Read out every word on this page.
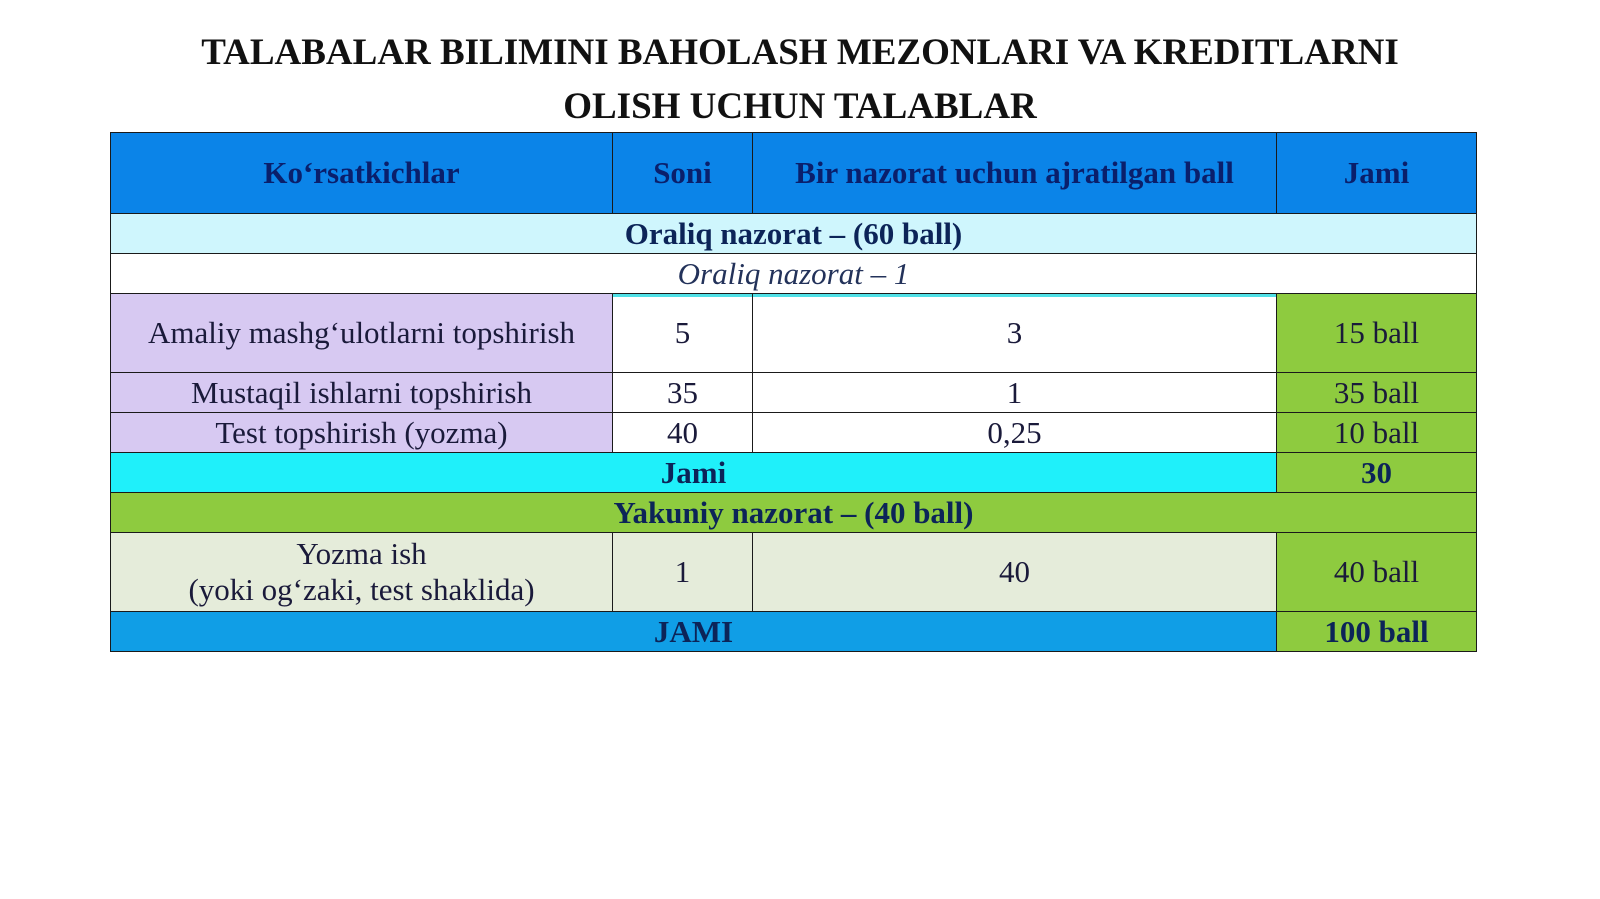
TALABALAR BILIMINI BAHOLASH MEZONLARI VA KREDITLARNI
OLISH UCHUN TALABLAR
Ko‘rsatkichlar	Soni	Bir nazorat uchun ajratilgan ball	Jami
Oraliq nazorat – (60 ball)			
Oraliq nazorat – 1			
Amaliy mashg‘ulotlarni topshirish	5	3	15 ball
Mustaqil ishlarni topshirish	35	1	35 ball
Test topshirish (yozma)	40	0,25	10 ball
Jami			30
Yakuniy nazorat – (40 ball)			

Yozma ish
(yoki og‘zaki, test shaklida)	1	40	40 ball
JAMI			100 ball
